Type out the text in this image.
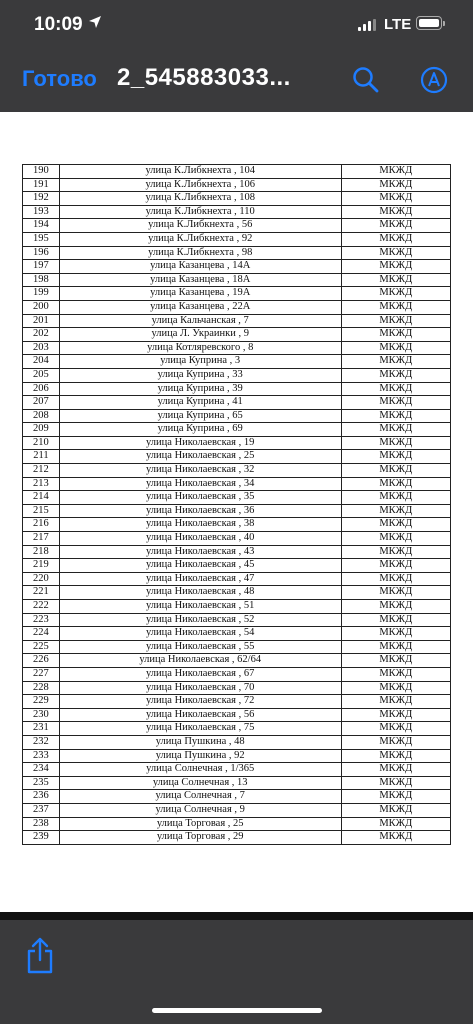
10:09	LTE
Готово 2_545883033...
190	улица К.Либкнехта , 104	МКЖД
191	улица К.Либкнехта , 106	МКЖД
192	улица К.Либкнехта , 108	МКЖД
193	улица К.Либкнехта , 110	МКЖД
194	улица К.Либкнехта , 56	МКЖД
195	улица К.Либкнехта , 92	МКЖД
196	улица К.Либкнехта , 98	МКЖД
197	улица Казанцева , 14А	МКЖД
198	улица Казанцева , 18А	МКЖД
199	улица Казанцева , 19А	МКЖД
200	улица Казанцева , 22А	МКЖД
201	улица Кальчанская , 7	МКЖД
202	улица Л. Украинки , 9	МКЖД
203	улица Котляревского , 8	МКЖД
204	улица Куприна , 3	МКЖД
205	улица Куприна , 33	МКЖД
206	улица Куприна , 39	МКЖД
207	улица Куприна , 41	МКЖД
208	улица Куприна , 65	МКЖД
209	улица Куприна , 69	МКЖД
210	улица Николаевская , 19	МКЖД
211	улица Николаевская , 25	МКЖД
212	улица Николаевская , 32	МКЖД
213	улица Николаевская , 34	МКЖД
214	улица Николаевская , 35	МКЖД
215	улица Николаевская , 36	МКЖД
216	улица Николаевская , 38	МКЖД
217	улица Николаевская , 40	МКЖД
218	улица Николаевская , 43	МКЖД
219	улица Николаевская , 45	МКЖД
220	улица Николаевская , 47	МКЖД
221	улица Николаевская , 48	МКЖД
222	улица Николаевская , 51	МКЖД
223	улица Николаевская , 52	МКЖД
224	улица Николаевская , 54	МКЖД
225	улица Николаевская , 55	МКЖД
226	улица Николаевская , 62/64	МКЖД
227	улица Николаевская , 67	МКЖД
228	улица Николаевская , 70	МКЖД
229	улица Николаевская , 72	МКЖД
230	улица Николаевская , 56	МКЖД
231	улица Николаевская , 75	МКЖД
232	улица Пушкина , 48	МКЖД
233	улица Пушкина , 92	МКЖД
234	улица Солнечная , 1/365	МКЖД
235	улица Солнечная , 13	МКЖД
236	улица Солнечная , 7	МКЖД
237	улица Солнечная , 9	МКЖД
238	улица Торговая , 25	МКЖД
239	улица Торговая , 29	МКЖД
